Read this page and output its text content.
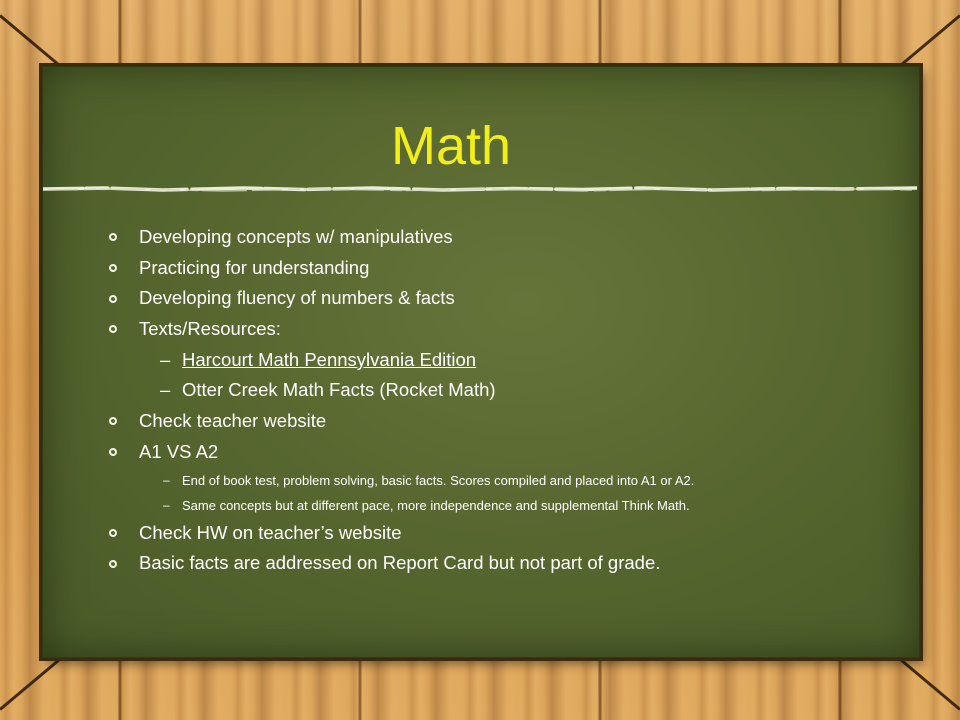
Math
Developing concepts w/ manipulatives
Practicing for understanding
Developing fluency of numbers & facts
Texts/Resources:
– Harcourt Math Pennsylvania Edition
– Otter Creek Math Facts (Rocket Math)
Check teacher website
A1 VS A2
– End of book test, problem solving, basic facts. Scores compiled and placed into A1 or A2.
– Same concepts but at different pace, more independence and supplemental Think Math.
Check HW on teacher’s website
Basic facts are addressed on Report Card but not part of grade.
